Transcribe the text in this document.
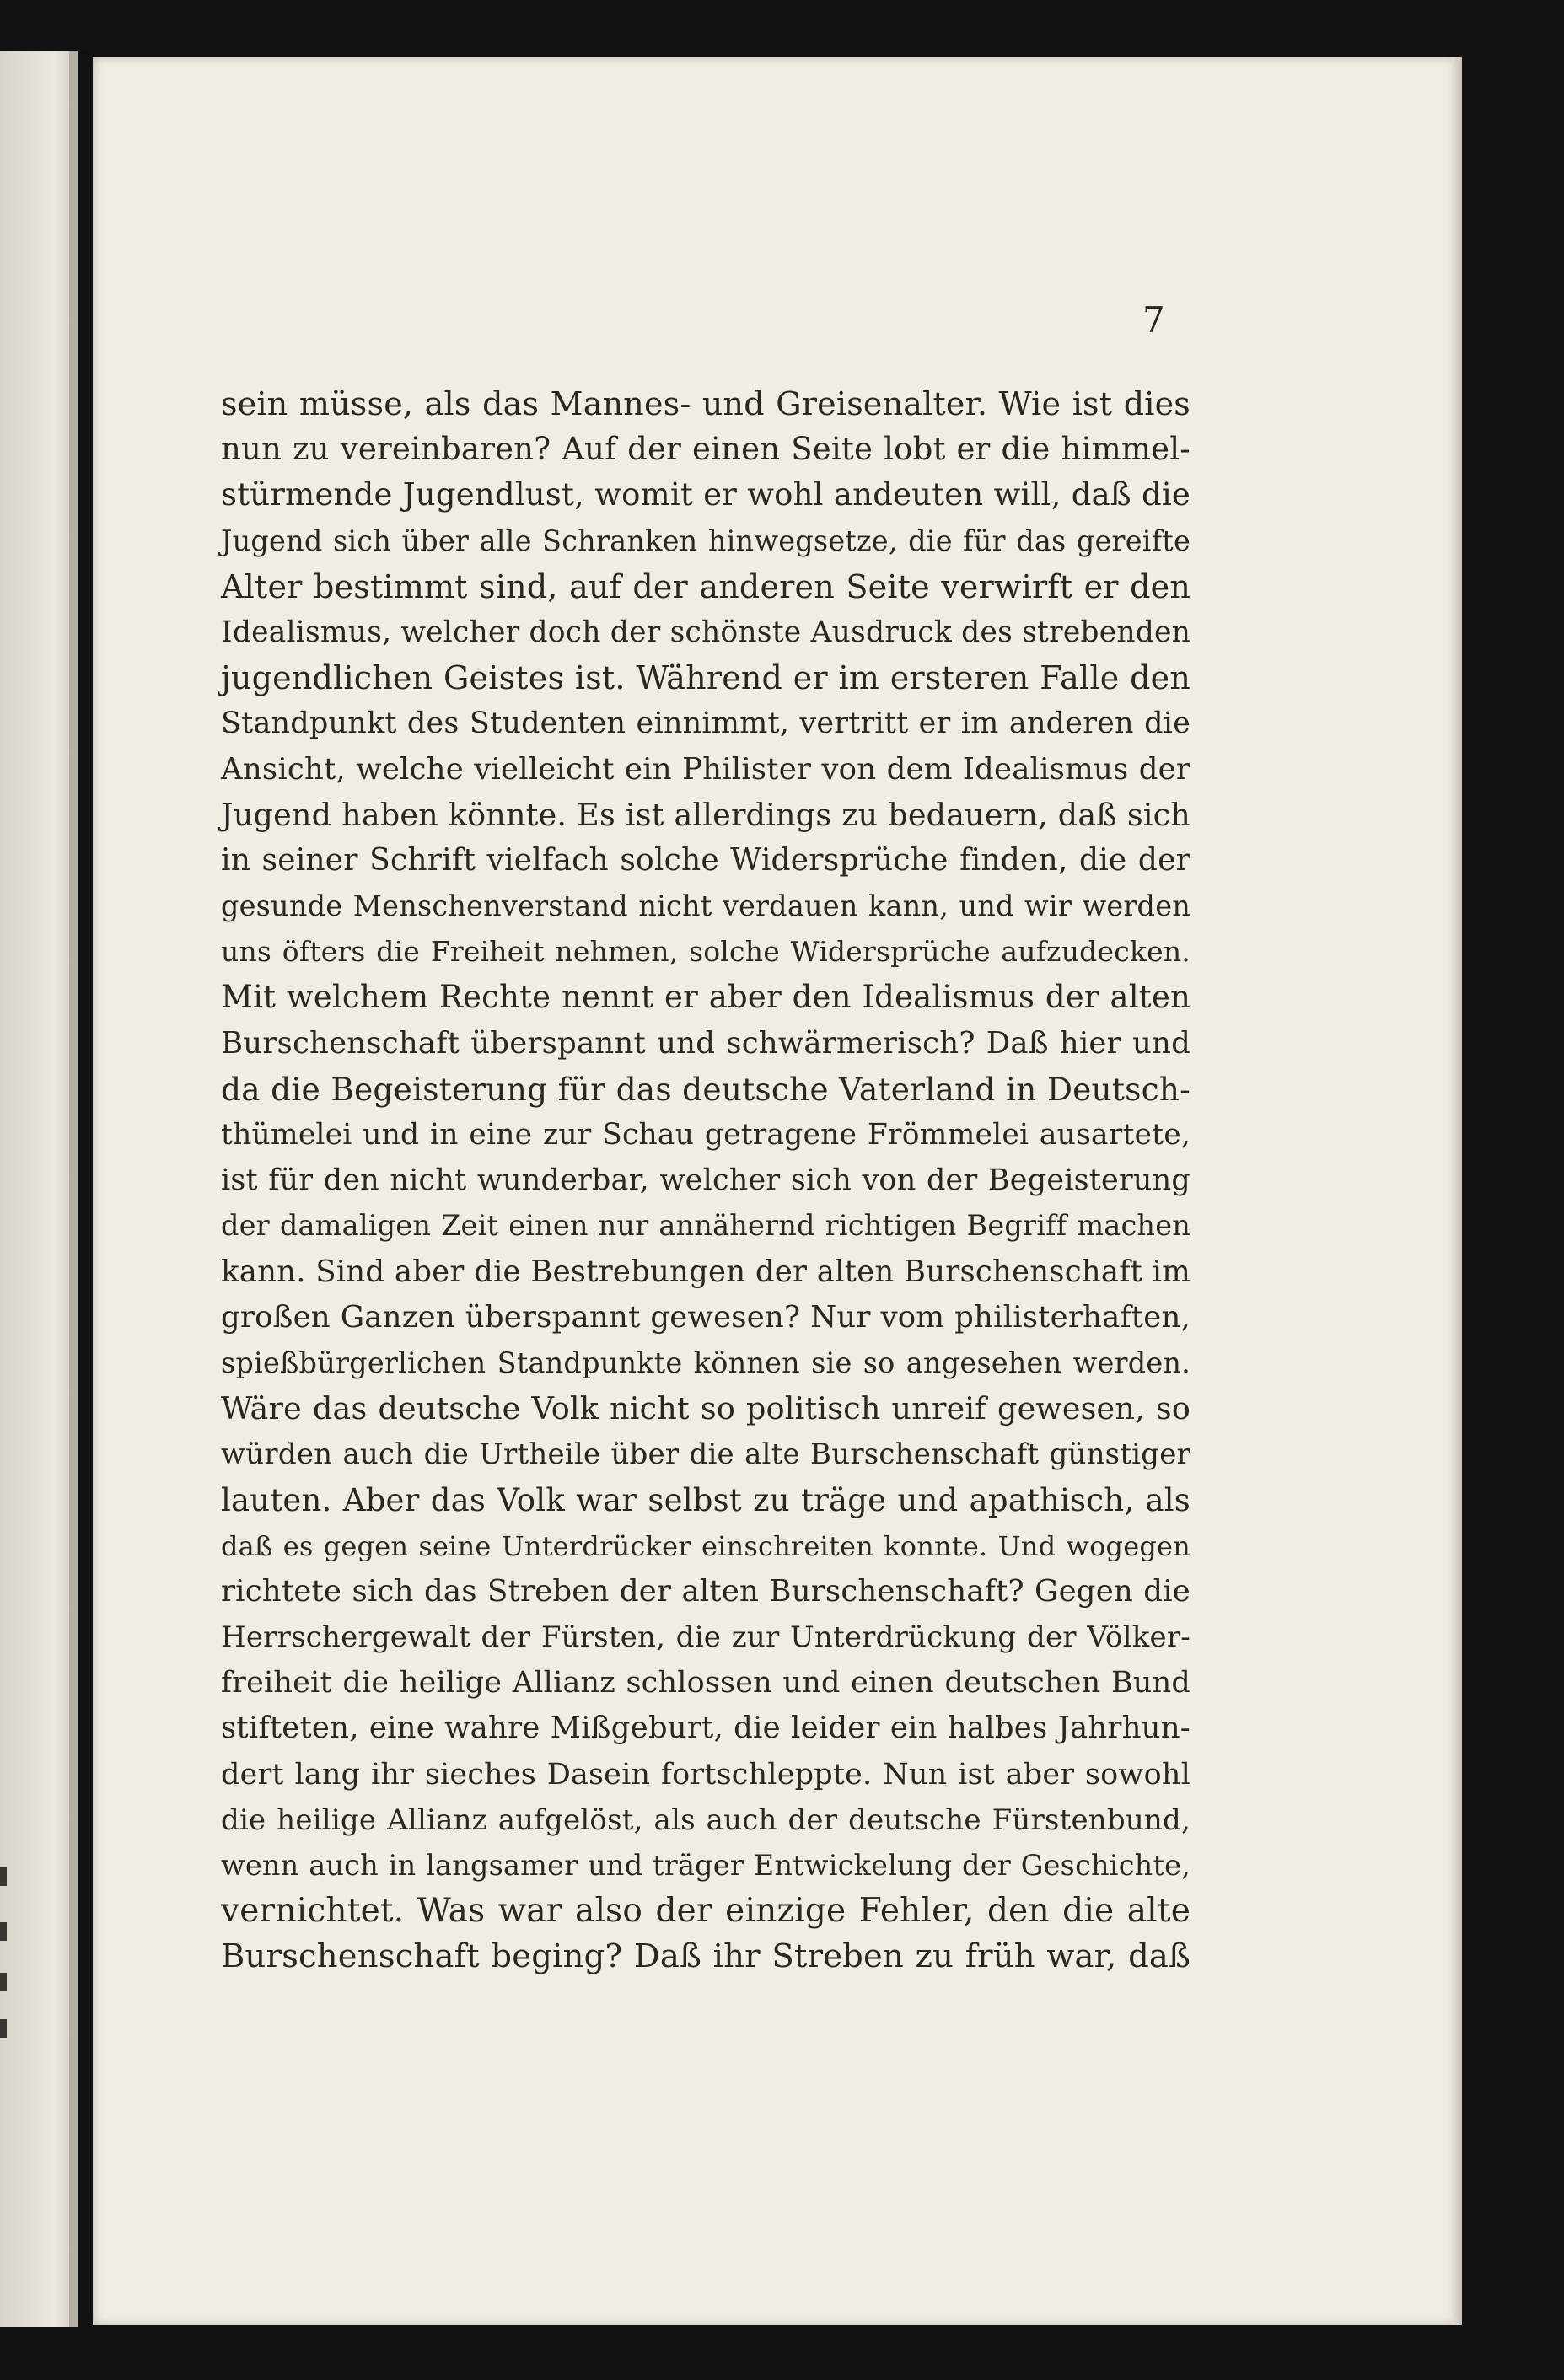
7
sein müsse, als das Mannes- und Greisenalter. Wie ist dies
nun zu vereinbaren? Auf der einen Seite lobt er die himmel-
stürmende Jugendlust, womit er wohl andeuten will, daß die
Jugend sich über alle Schranken hinwegsetze, die für das gereifte
Alter bestimmt sind, auf der anderen Seite verwirft er den
Idealismus, welcher doch der schönste Ausdruck des strebenden
jugendlichen Geistes ist. Während er im ersteren Falle den
Standpunkt des Studenten einnimmt, vertritt er im anderen die
Ansicht, welche vielleicht ein Philister von dem Idealismus der
Jugend haben könnte. Es ist allerdings zu bedauern, daß sich
in seiner Schrift vielfach solche Widersprüche finden, die der
gesunde Menschenverstand nicht verdauen kann, und wir werden
uns öfters die Freiheit nehmen, solche Widersprüche aufzudecken.
Mit welchem Rechte nennt er aber den Idealismus der alten
Burschenschaft überspannt und schwärmerisch? Daß hier und
da die Begeisterung für das deutsche Vaterland in Deutsch-
thümelei und in eine zur Schau getragene Frömmelei ausartete,
ist für den nicht wunderbar, welcher sich von der Begeisterung
der damaligen Zeit einen nur annähernd richtigen Begriff machen
kann. Sind aber die Bestrebungen der alten Burschenschaft im
großen Ganzen überspannt gewesen? Nur vom philisterhaften,
spießbürgerlichen Standpunkte können sie so angesehen werden.
Wäre das deutsche Volk nicht so politisch unreif gewesen, so
würden auch die Urtheile über die alte Burschenschaft günstiger
lauten. Aber das Volk war selbst zu träge und apathisch, als
daß es gegen seine Unterdrücker einschreiten konnte. Und wogegen
richtete sich das Streben der alten Burschenschaft? Gegen die
Herrschergewalt der Fürsten, die zur Unterdrückung der Völker-
freiheit die heilige Allianz schlossen und einen deutschen Bund
stifteten, eine wahre Mißgeburt, die leider ein halbes Jahrhun-
dert lang ihr sieches Dasein fortschleppte. Nun ist aber sowohl
die heilige Allianz aufgelöst, als auch der deutsche Fürstenbund,
wenn auch in langsamer und träger Entwickelung der Geschichte,
vernichtet. Was war also der einzige Fehler, den die alte
Burschenschaft beging? Daß ihr Streben zu früh war, daß
